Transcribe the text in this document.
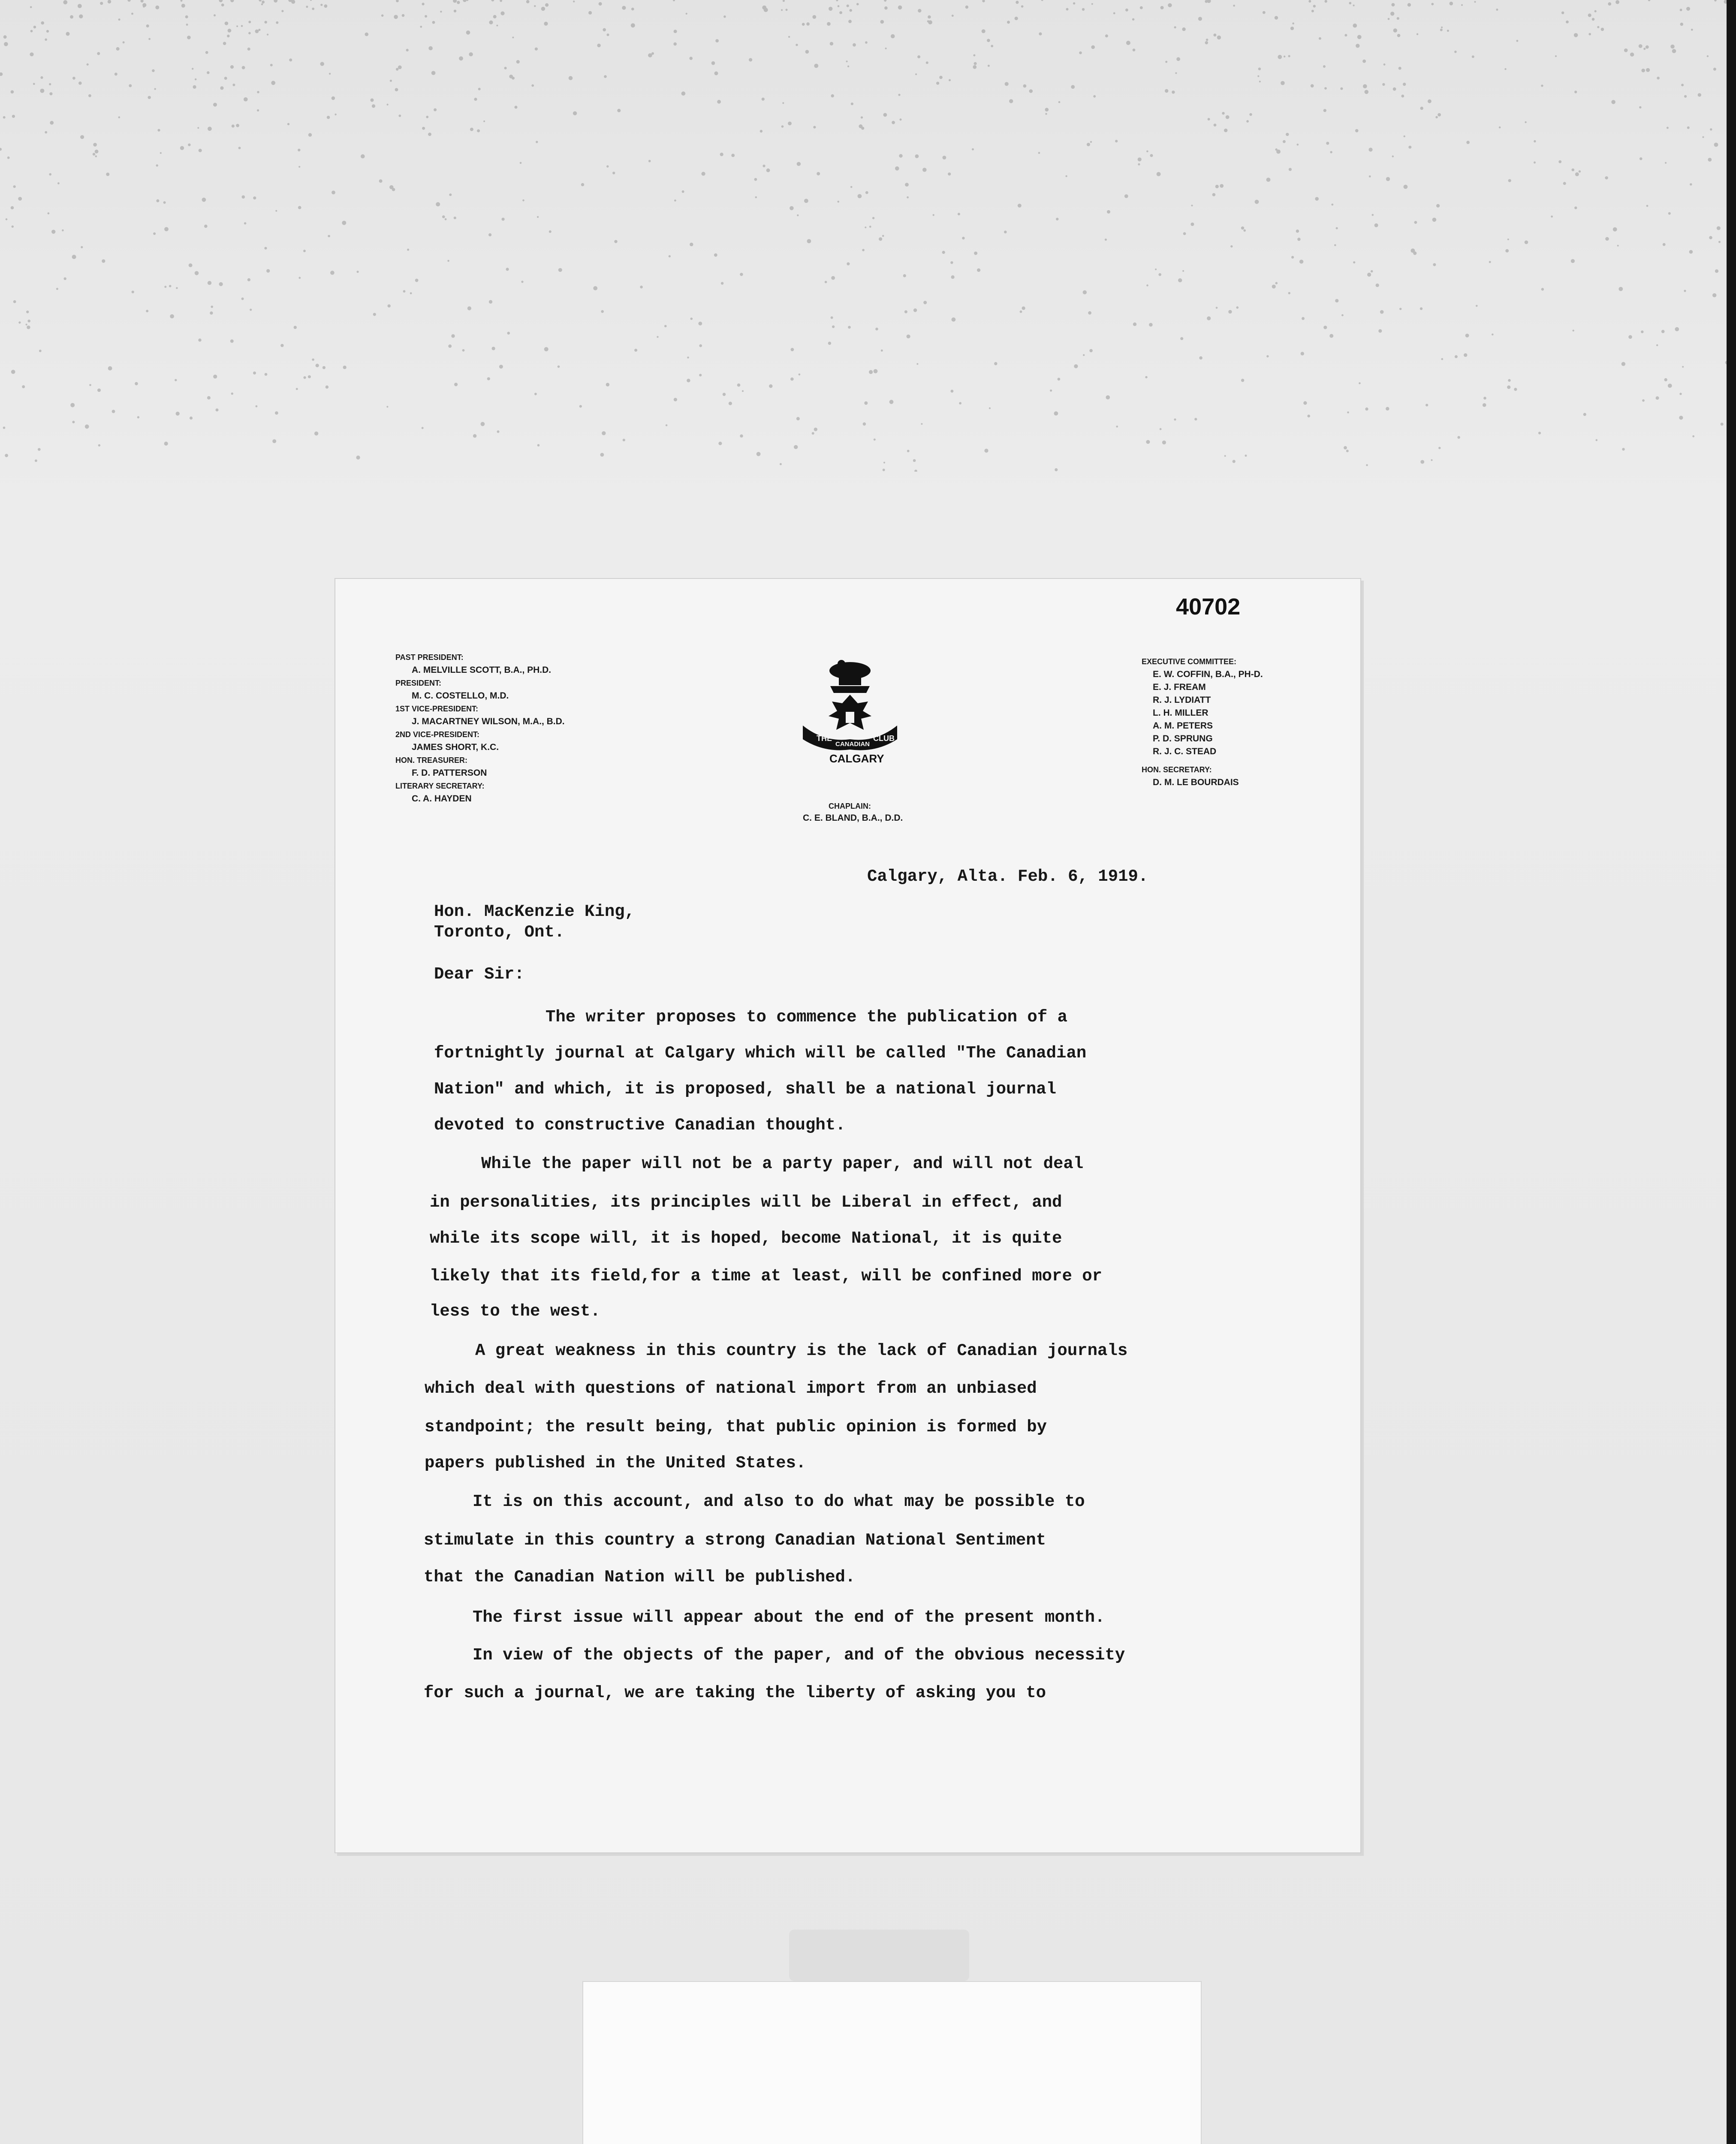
40702
PAST PRESIDENT:
A. MELVILLE SCOTT, B.A., PH.D.
PRESIDENT:
M. C. COSTELLO, M.D.
1ST VICE-PRESIDENT:
J. MACARTNEY WILSON, M.A., B.D.
2ND VICE-PRESIDENT:
JAMES SHORT, K.C.
HON. TREASURER:
F. D. PATTERSON
LITERARY SECRETARY:
C. A. HAYDEN
THE
CANADIAN
CLUB
CALGARY
CHAPLAIN:
C. E. BLAND, B.A., D.D.
EXECUTIVE COMMITTEE:
E. W. COFFIN, B.A., PH-D.
E. J. FREAM
R. J. LYDIATT
L. H. MILLER
A. M. PETERS
P. D. SPRUNG
R. J. C. STEAD
HON. SECRETARY:
D. M. LE BOURDAIS
Calgary, Alta. Feb. 6, 1919.
Hon. MacKenzie King,
Toronto, Ont.
Dear Sir:
The writer proposes to commence the publication of a
fortnightly journal at Calgary which will be called "The Canadian
Nation" and which, it is proposed, shall be a national journal
devoted to constructive Canadian thought.
While the paper will not be a party paper, and will not deal
in personalities, its principles will be Liberal in effect, and
while its scope will, it is hoped, become National, it is quite
likely that its field,for a time at least, will be confined more or
less to the west.
A great weakness in this country is the lack of Canadian journals
which deal with questions of national import from an unbiased
standpoint; the result being, that public opinion is formed by
papers published in the United States.
It is on this account, and also to do what may be possible to
stimulate in this country a strong Canadian National Sentiment
that the Canadian Nation will be published.
The first issue will appear about the end of the present month.
In view of the objects of the paper, and of the obvious necessity
for such a journal, we are taking the liberty of asking you to
